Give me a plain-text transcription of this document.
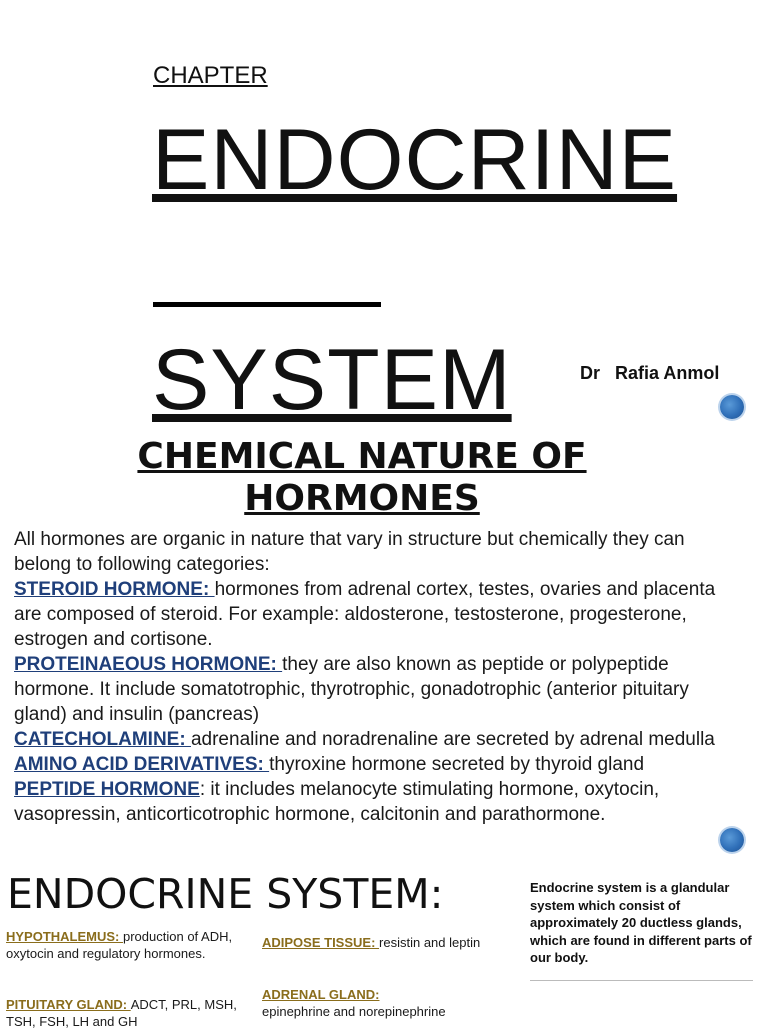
CHAPTER
ENDOCRINE
SYSTEM	Dr   Rafia Anmol
CHEMICAL NATURE OF HORMONES
All hormones are organic in nature that vary in structure but chemically they can belong to following categories:
STEROID HORMONE: hormones from adrenal cortex, testes, ovaries and placenta are composed of steroid. For example: aldosterone, testosterone, progesterone, estrogen and cortisone.
PROTEINAEOUS HORMONE: they are also known as peptide or polypeptide hormone. It include somatotrophic, thyrotrophic, gonadotrophic (anterior pituitary gland) and insulin (pancreas)
CATECHOLAMINE: adrenaline and noradrenaline are secreted by adrenal medulla
AMINO ACID DERIVATIVES: thyroxine hormone secreted by thyroid gland
PEPTIDE HORMONE: it includes melanocyte stimulating hormone, oxytocin, vasopressin, anticorticotrophic hormone, calcitonin and parathormone.
ENDOCRINE SYSTEM:
HYPOTHALEMUS: production of ADH, oxytocin and regulatory hormones.
PITUITARY GLAND: ADCT, PRL, MSH, TSH, FSH, LH and GH
ADIPOSE TISSUE: resistin and leptin
ADRENAL GLAND:
epinephrine and norepinephrine
Endocrine system is a glandular system which consist of approximately 20 ductless glands, which are found in different parts of our body.
